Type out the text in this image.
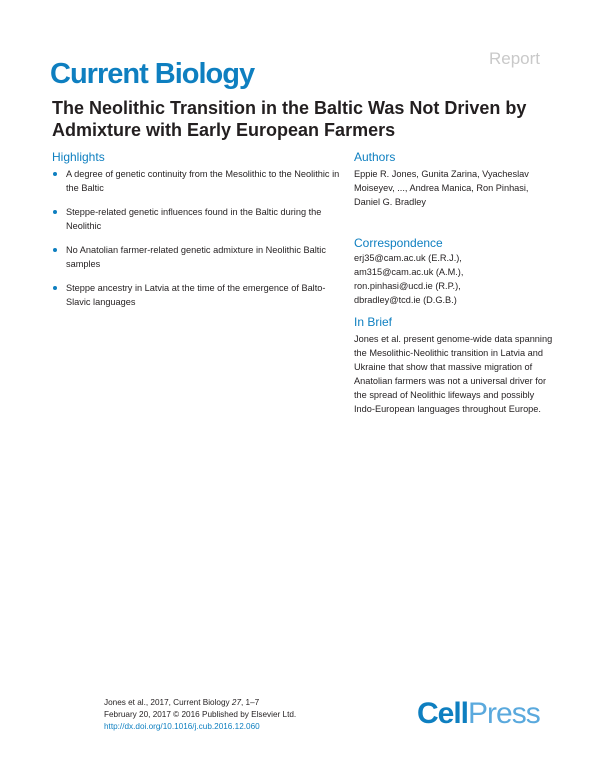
Report
Current Biology
The Neolithic Transition in the Baltic Was Not Driven by Admixture with Early European Farmers
Highlights
A degree of genetic continuity from the Mesolithic to the Neolithic in the Baltic
Steppe-related genetic influences found in the Baltic during the Neolithic
No Anatolian farmer-related genetic admixture in Neolithic Baltic samples
Steppe ancestry in Latvia at the time of the emergence of Balto-Slavic languages
Authors
Eppie R. Jones, Gunita Zarina, Vyacheslav Moiseyev, ..., Andrea Manica, Ron Pinhasi, Daniel G. Bradley
Correspondence
erj35@cam.ac.uk (E.R.J.),
am315@cam.ac.uk (A.M.),
ron.pinhasi@ucd.ie (R.P.),
dbradley@tcd.ie (D.G.B.)
In Brief
Jones et al. present genome-wide data spanning the Mesolithic-Neolithic transition in Latvia and Ukraine that show that massive migration of Anatolian farmers was not a universal driver for the spread of Neolithic lifeways and possibly Indo-European languages throughout Europe.
Jones et al., 2017, Current Biology 27, 1–7
February 20, 2017 © 2016 Published by Elsevier Ltd.
http://dx.doi.org/10.1016/j.cub.2016.12.060	CellPress
